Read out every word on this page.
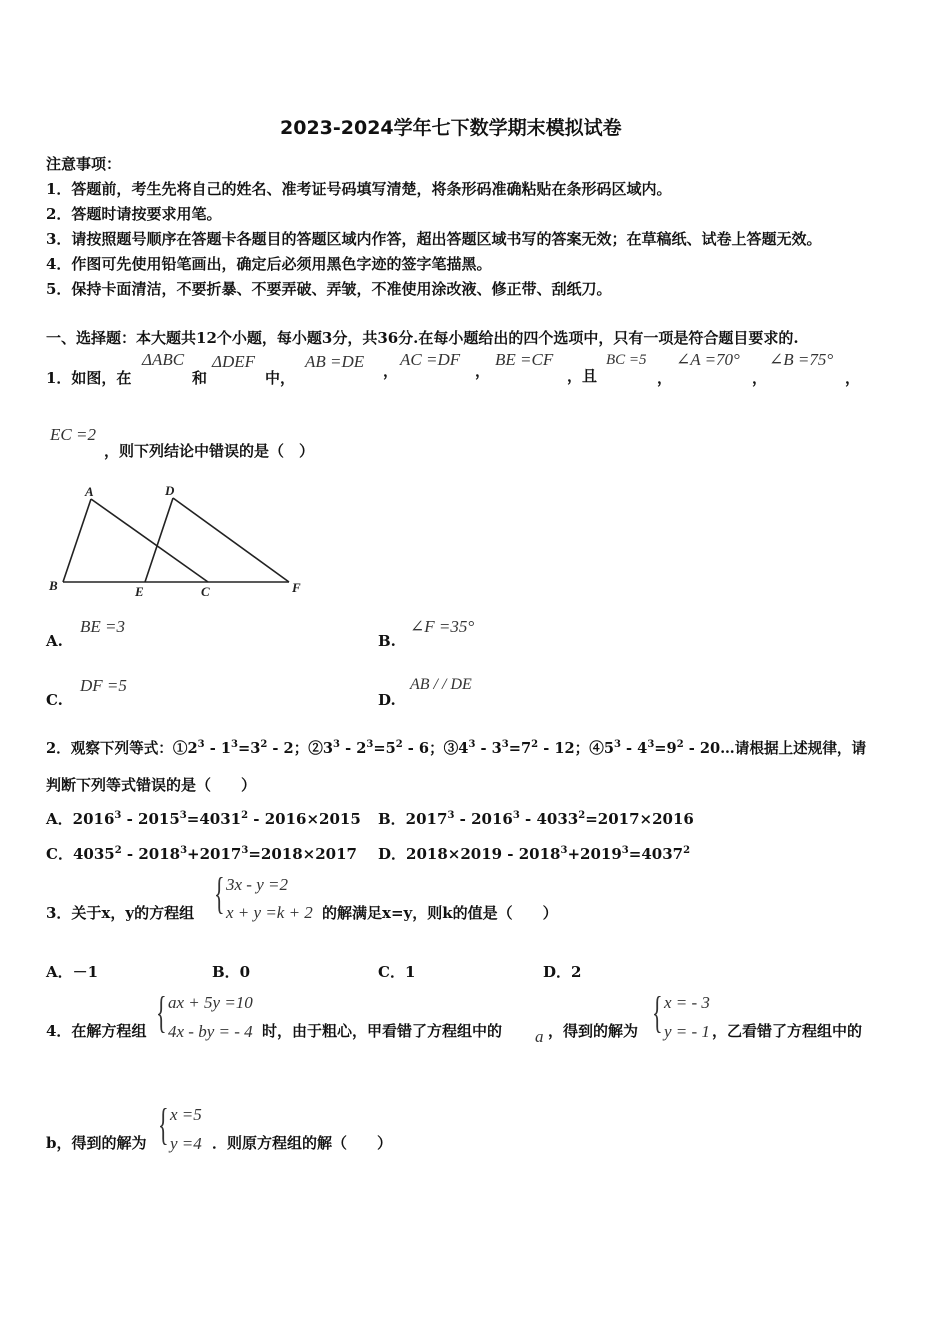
2023-2024学年七下数学期末模拟试卷
注意事项：
1．答题前，考生先将自己的姓名、准考证号码填写清楚，将条形码准确粘贴在条形码区域内。
2．答题时请按要求用笔。
3．请按照题号顺序在答题卡各题目的答题区域内作答，超出答题区域书写的答案无效；在草稿纸、试卷上答题无效。
4．作图可先使用铅笔画出，确定后必须用黑色字迹的签字笔描黑。
5．保持卡面清洁，不要折暴、不要弄破、弄皱，不准使用涂改液、修正带、刮纸刀。
一、选择题：本大题共12个小题，每小题3分，共36分.在每小题给出的四个选项中，只有一项是符合题目要求的.
1．如图，在
ΔABC
和
ΔDEF
中，
AB =DE ，
AC =DF
，
BE =CF
，且
BC =5
，
∠A =70°
，
∠B =75°
，
EC =2
，则下列结论中错误的是（　）
A	D
B	E	C	F
A.
BE =3
B.
∠F =35°
C.
DF =5
D.
AB / / DE
2．观察下列等式：$①2^3 - 1^3=3^2 - 2$；$②3^3 - 2^3=5^2 - 6$；$③4^3 - 3^3=7^2 - 12$；$④5^3 - 4^3=9^2$ - 20…请根据上述规律，请
判断下列等式错误的是（　　）
A．$2016^3 - 2015^3=4031^2 - 2016\times 2015$ B．$2017^3 - 2016^3 - 4033^2=2017\times 2016$
C．$4035^2 - 2018^3+2017^3=2018\times 2017$ D．$2018\times 2019 - 2018^3+2019^3=4037^2$
3．关于x，y的方程组 { 3x - y =2
x + y =k + 2 的解满足x=y，则k的值是（　　）
A．－1	B．0	C．1	D．2
4．在解方程组 { ax + 5y =10
4x - by = - 4 时，由于粗心，甲看错了方程组中的 a ，得到的解为 { x = - 3
y = - 1 ，乙看错了方程组中的
b，得到的解为 { x =5
y =4 ．则原方程组的解（　　）
